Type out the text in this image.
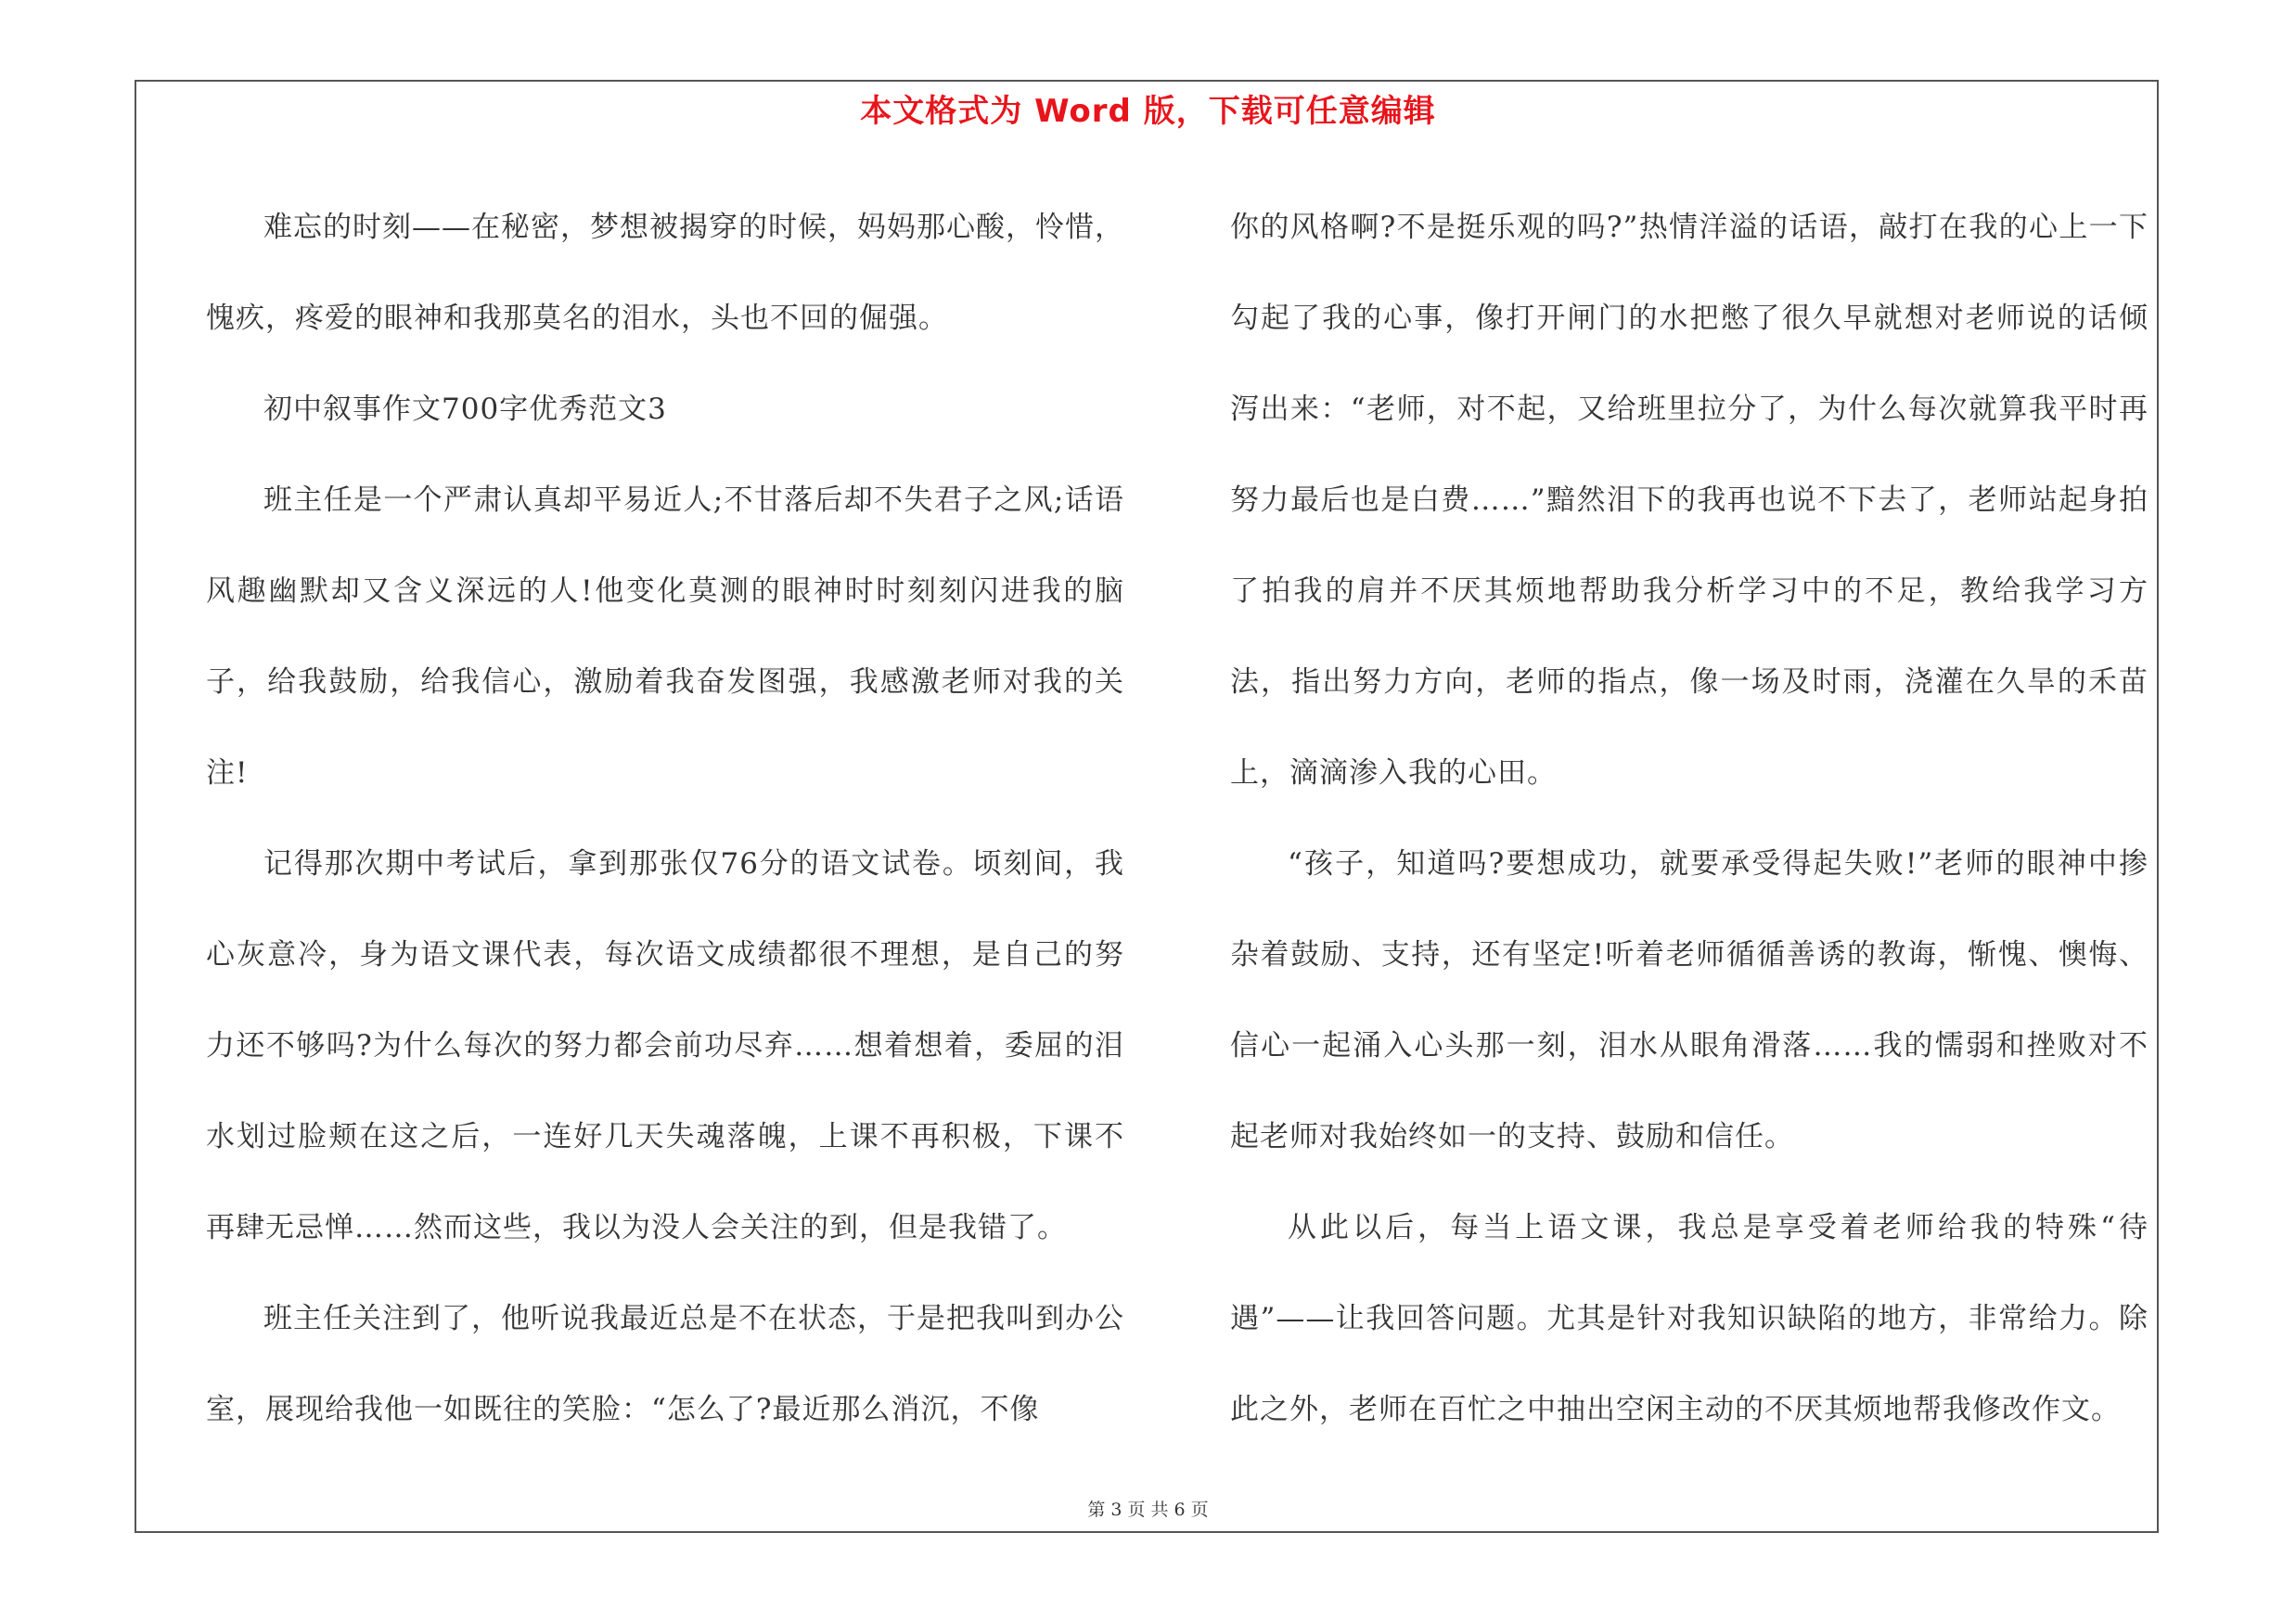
本文格式为 Word 版，下载可任意编辑

难忘的时刻——在秘密，梦想被揭穿的时候，妈妈那心酸，怜惜，愧疚，疼爱的眼神和我那莫名的泪水，头也不回的倔强。

初中叙事作文700字优秀范文3

班主任是一个严肃认真却平易近人;不甘落后却不失君子之风;话语风趣幽默却又含义深远的人!他变化莫测的眼神时时刻刻闪进我的脑子，给我鼓励，给我信心，激励着我奋发图强，我感激老师对我的关注!

记得那次期中考试后，拿到那张仅76分的语文试卷。顷刻间，我心灰意冷，身为语文课代表，每次语文成绩都很不理想，是自己的努力还不够吗?为什么每次的努力都会前功尽弃……想着想着，委屈的泪水划过脸颊在这之后，一连好几天失魂落魄，上课不再积极，下课不再肆无忌惮……然而这些，我以为没人会关注的到，但是我错了。

班主任关注到了，他听说我最近总是不在状态，于是把我叫到办公室，展现给我他一如既往的笑脸：“怎么了?最近那么消沉，不像

你的风格啊?不是挺乐观的吗?”热情洋溢的话语，敲打在我的心上一下勾起了我的心事，像打开闸门的水把憋了很久早就想对老师说的话倾泻出来：“老师，对不起，又给班里拉分了，为什么每次就算我平时再努力最后也是白费……”黯然泪下的我再也说不下去了，老师站起身拍了拍我的肩并不厌其烦地帮助我分析学习中的不足，教给我学习方法，指出努力方向，老师的指点，像一场及时雨，浇灌在久旱的禾苗上，滴滴渗入我的心田。

“孩子，知道吗?要想成功，就要承受得起失败!”老师的眼神中掺杂着鼓励、支持，还有坚定!听着老师循循善诱的教诲，惭愧、懊悔、信心一起涌入心头那一刻，泪水从眼角滑落……我的懦弱和挫败对不起老师对我始终如一的支持、鼓励和信任。

从此以后，每当上语文课，我总是享受着老师给我的特殊“待遇”——让我回答问题。尤其是针对我知识缺陷的地方，非常给力。除此之外，老师在百忙之中抽出空闲主动的不厌其烦地帮我修改作文。

第 3 页 共 6 页
